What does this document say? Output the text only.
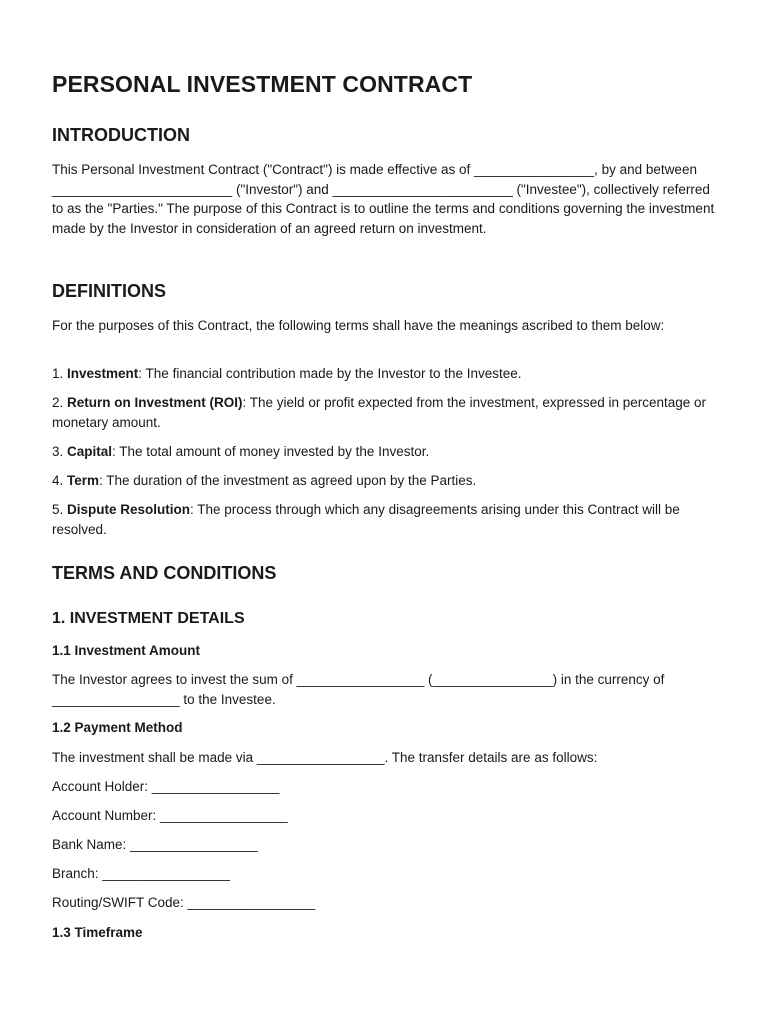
PERSONAL INVESTMENT CONTRACT
INTRODUCTION

This Personal Investment Contract ("Contract") is made effective as of ________________, by and between ________________________ ("Investor") and ________________________ ("Investee"), collectively referred to as the "Parties." The purpose of this Contract is to outline the terms and conditions governing the investment made by the Investor in consideration of an agreed return on investment.

DEFINITIONS

For the purposes of this Contract, the following terms shall have the meanings ascribed to them below:

1. Investment: The financial contribution made by the Investor to the Investee.

2. Return on Investment (ROI): The yield or profit expected from the investment, expressed in percentage or monetary amount.

3. Capital: The total amount of money invested by the Investor.

4. Term: The duration of the investment as agreed upon by the Parties.

5. Dispute Resolution: The process through which any disagreements arising under this Contract will be resolved.

TERMS AND CONDITIONS
1. INVESTMENT DETAILS
1.1 Investment Amount

The Investor agrees to invest the sum of _________________ (________________) in the currency of _________________ to the Investee.

1.2 Payment Method

The investment shall be made via _________________. The transfer details are as follows:

Account Holder: _________________

Account Number: _________________

Bank Name: _________________

Branch: _________________

Routing/SWIFT Code: _________________

1.3 Timeframe
